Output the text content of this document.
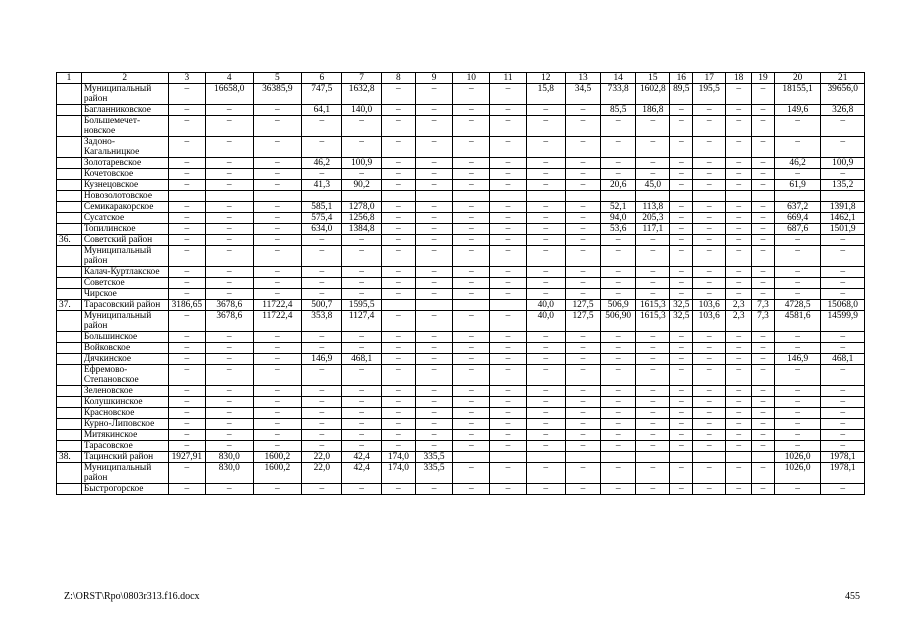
1	2	3	4	5	6	7	8	9	10	11	12	13	14	15	16	17	18	19	20	21
	Муниципальный район	–	16658,0	36385,9	747,5	1632,8	–	–	–	–	15,8	34,5	733,8	1602,8	89,5	195,5	–	–	18155,1	39656,0
	Багланниковское	–	–	–	64,1	140,0	–	–	–	–	–	–	85,5	186,8	–	–	–	–	149,6	326,8
	Большемечет-новское	–	–	–	–	–	–	–	–	–	–	–	–	–	–	–	–	–	–	–
	Задоно-Кагальницкое	–	–	–	–	–	–	–	–	–	–	–	–	–	–	–	–	–	–	–
	Золотаревское	–	–	–	46,2	100,9	–	–	–	–	–	–	–	–	–	–	–	–	46,2	100,9
	Кочетовское	–	–	–	–	–	–	–	–	–	–	–	–	–	–	–	–	–	–	–
	Кузнецовское	–	–	–	41,3	90,2	–	–	–	–	–	–	20,6	45,0	–	–	–	–	61,9	135,2
	Новозолотовское																			
	Семикаракорское	–	–	–	585,1	1278,0	–	–	–	–	–	–	52,1	113,8	–	–	–	–	637,2	1391,8
	Сусатское	–	–	–	575,4	1256,8	–	–	–	–	–	–	94,0	205,3	–	–	–	–	669,4	1462,1
	Топилинское	–	–	–	634,0	1384,8	–	–	–	–	–	–	53,6	117,1	–	–	–	–	687,6	1501,9
36.	Советский район	–	–	–	–	–	–	–	–	–	–	–	–	–	–	–	–	–	–	–
	Муниципальный район	–	–	–	–	–	–	–	–	–	–	–	–	–	–	–	–	–	–	–
	Калач-Куртлакское	–	–	–	–	–	–	–	–	–	–	–	–	–	–	–	–	–	–	–
	Советское	–	–	–	–	–	–	–	–	–	–	–	–	–	–	–	–	–	–	–
	Чирское	–	–	–	–	–	–	–	–	–	–	–	–	–	–	–	–	–	–	–
37.	Тарасовский район	3186,65	3678,6	11722,4	500,7	1595,5					40,0	127,5	506,9	1615,3	32,5	103,6	2,3	7,3	4728,5	15068,0
	Муниципальный район	–	3678,6	11722,4	353,8	1127,4	–	–	–	–	40,0	127,5	506,90	1615,3	32,5	103,6	2,3	7,3	4581,6	14599,9
	Большинское	–	–	–	–	–	–	–	–	–	–	–	–	–	–	–	–	–	–	–
	Войковское	–	–	–	–	–	–	–	–	–	–	–	–	–	–	–	–	–	–	–
	Дячкинское	–	–	–	146,9	468,1	–	–	–	–	–	–	–	–	–	–	–	–	146,9	468,1
	Ефремово-Степановское	–	–	–	–	–	–	–	–	–	–	–	–	–	–	–	–	–	–	–
	Зеленовское	–	–	–	–	–	–	–	–	–	–	–	–	–	–	–	–	–	–	–
	Колушкинское	–	–	–	–	–	–	–	–	–	–	–	–	–	–	–	–	–	–	–
	Красновское	–	–	–	–	–	–	–	–	–	–	–	–	–	–	–	–	–	–	–
	Курно-Липовское	–	–	–	–	–	–	–	–	–	–	–	–	–	–	–	–	–	–	–
	Митякинское	–	–	–	–	–	–	–	–	–	–	–	–	–	–	–	–	–	–	–
	Тарасовское	–	–	–	–	–	–	–	–	–	–	–	–	–	–	–	–	–	–	–
38.	Тацинский район	1927,91	830,0	1600,2	22,0	42,4	174,0	335,5											1026,0	1978,1
	Муниципальный район	–	830,0	1600,2	22,0	42,4	174,0	335,5	–	–	–	–	–	–	–	–	–	–	1026,0	1978,1
	Быстрогорское	–	–	–	–	–	–	–	–	–	–	–	–	–	–	–	–	–	–	–
Z:\ORST\Rpo\0803r313.f16.docx	455
